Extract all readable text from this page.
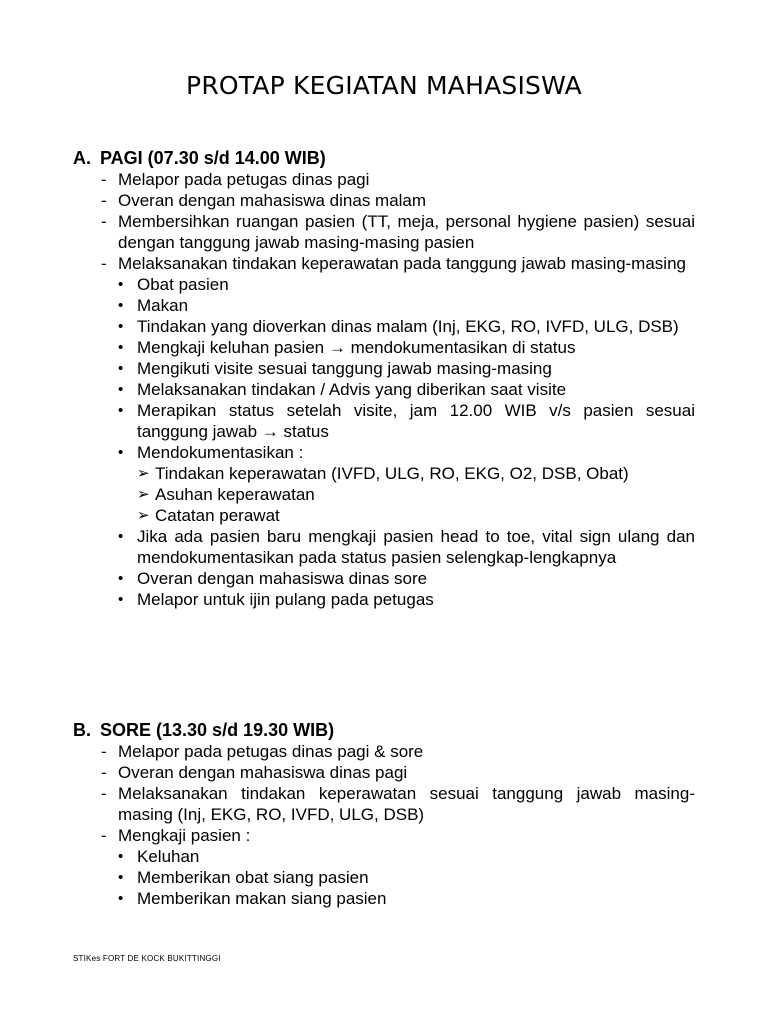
PROTAP KEGIATAN MAHASISWA
A. PAGI (07.30 s/d 14.00 WIB)
- Melapor pada petugas dinas pagi
- Overan dengan mahasiswa dinas malam
- Membersihkan ruangan pasien (TT, meja, personal hygiene pasien) sesuai dengan tanggung jawab masing-masing pasien
- Melaksanakan tindakan keperawatan pada tanggung jawab masing-masing
• Obat pasien
• Makan
• Tindakan yang dioverkan dinas malam (Inj, EKG, RO, IVFD, ULG, DSB)
• Mengkaji keluhan pasien → mendokumentasikan di status
• Mengikuti visite sesuai tanggung jawab masing-masing
• Melaksanakan tindakan / Advis yang diberikan saat visite
• Merapikan status setelah visite, jam 12.00 WIB v/s pasien sesuai tanggung jawab → status
• Mendokumentasikan :
➢ Tindakan keperawatan (IVFD, ULG, RO, EKG, O2, DSB, Obat)
➢ Asuhan keperawatan
➢ Catatan perawat
• Jika ada pasien baru mengkaji pasien head to toe, vital sign ulang dan mendokumentasikan pada status pasien selengkap-lengkapnya
• Overan dengan mahasiswa dinas sore
• Melapor untuk ijin pulang pada petugas
B. SORE (13.30 s/d 19.30 WIB)
- Melapor pada petugas dinas pagi & sore
- Overan dengan mahasiswa dinas pagi
- Melaksanakan tindakan keperawatan sesuai tanggung jawab masing-masing (Inj, EKG, RO, IVFD, ULG, DSB)
- Mengkaji pasien :
• Keluhan
• Memberikan obat siang pasien
• Memberikan makan siang pasien
STIKes FORT DE KOCK BUKITTINGGI
